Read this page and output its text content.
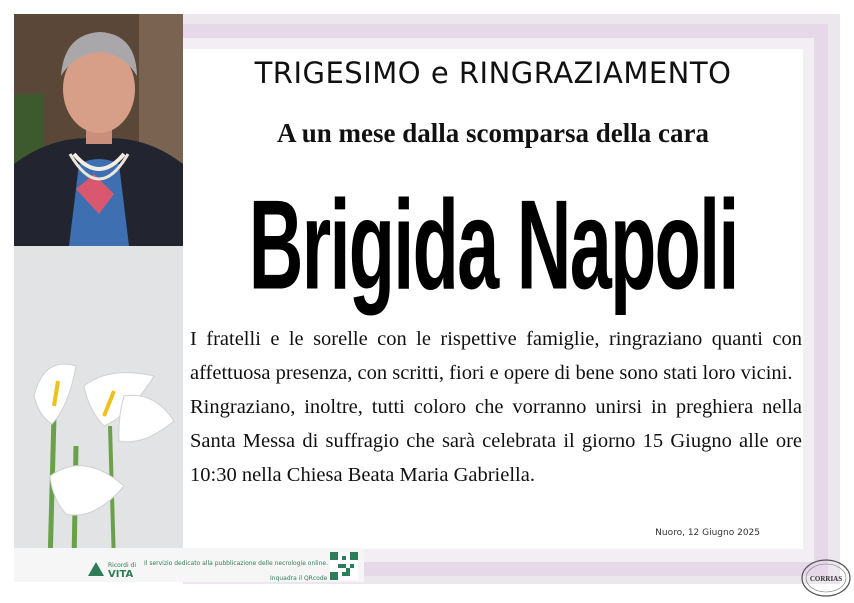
TRIGESIMO e RINGRAZIAMENTO
A un mese dalla scomparsa della cara
Brigida Napoli

I fratelli e le sorelle con le rispettive famiglie, ringraziano quanti con affettuosa presenza, con scritti, fiori e opere di bene sono stati loro vicini.

Ringraziano, inoltre, tutti coloro che vorranno unirsi in preghiera nella Santa Messa di suffragio che sarà celebrata il giorno 15 Giugno alle ore 10:30 nella Chiesa Beata Maria Gabriella.

Nuoro, 12 Giugno 2025
Ricordi di
VITA
Il servizio dedicato alla pubblicazione delle necrologie online.
Inquadra il QRcode	CORRIAS
